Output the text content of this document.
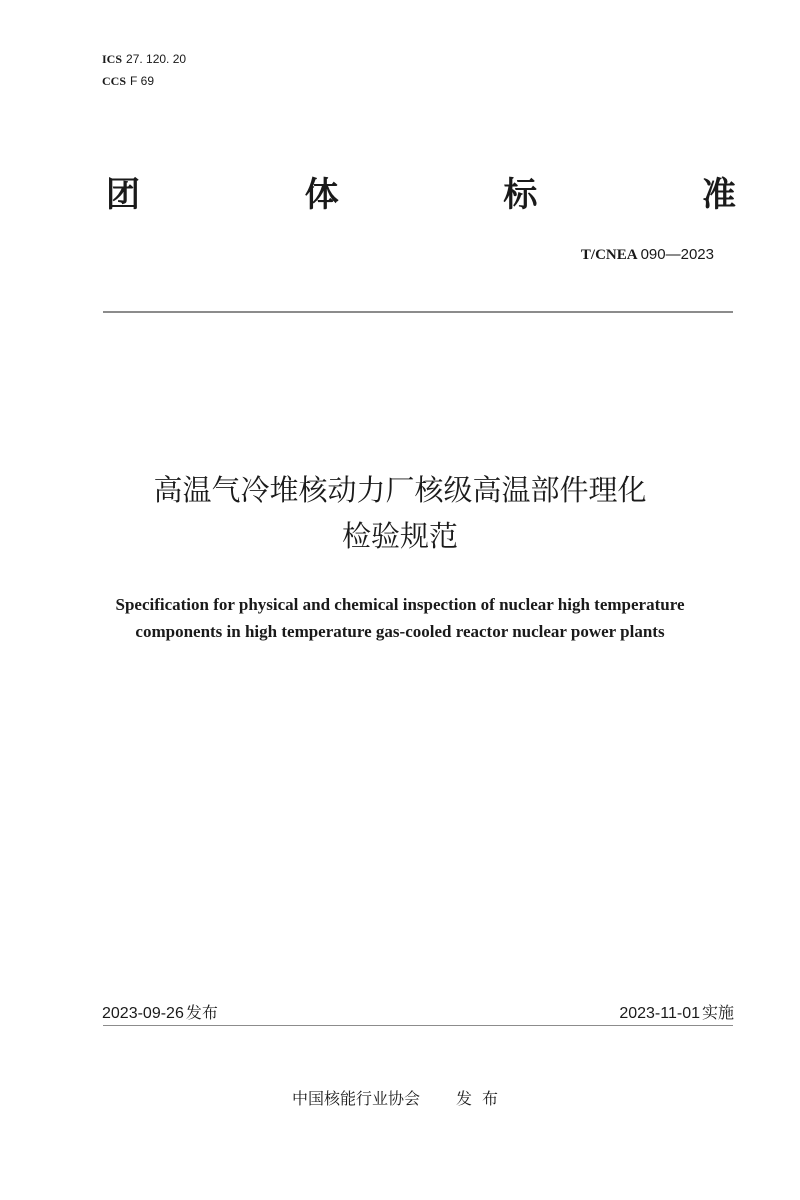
ICS 27. 120. 20
CCS F 69
团	体	标	准
T/CNEA 090—2023
高温气冷堆核动力厂核级高温部件理化
检验规范
Specification for physical and chemical inspection of nuclear high temperature
components in high temperature gas-cooled reactor nuclear power plants
2023-09-26 发布	2023-11-01 实施
中国核能行业协会 发布
